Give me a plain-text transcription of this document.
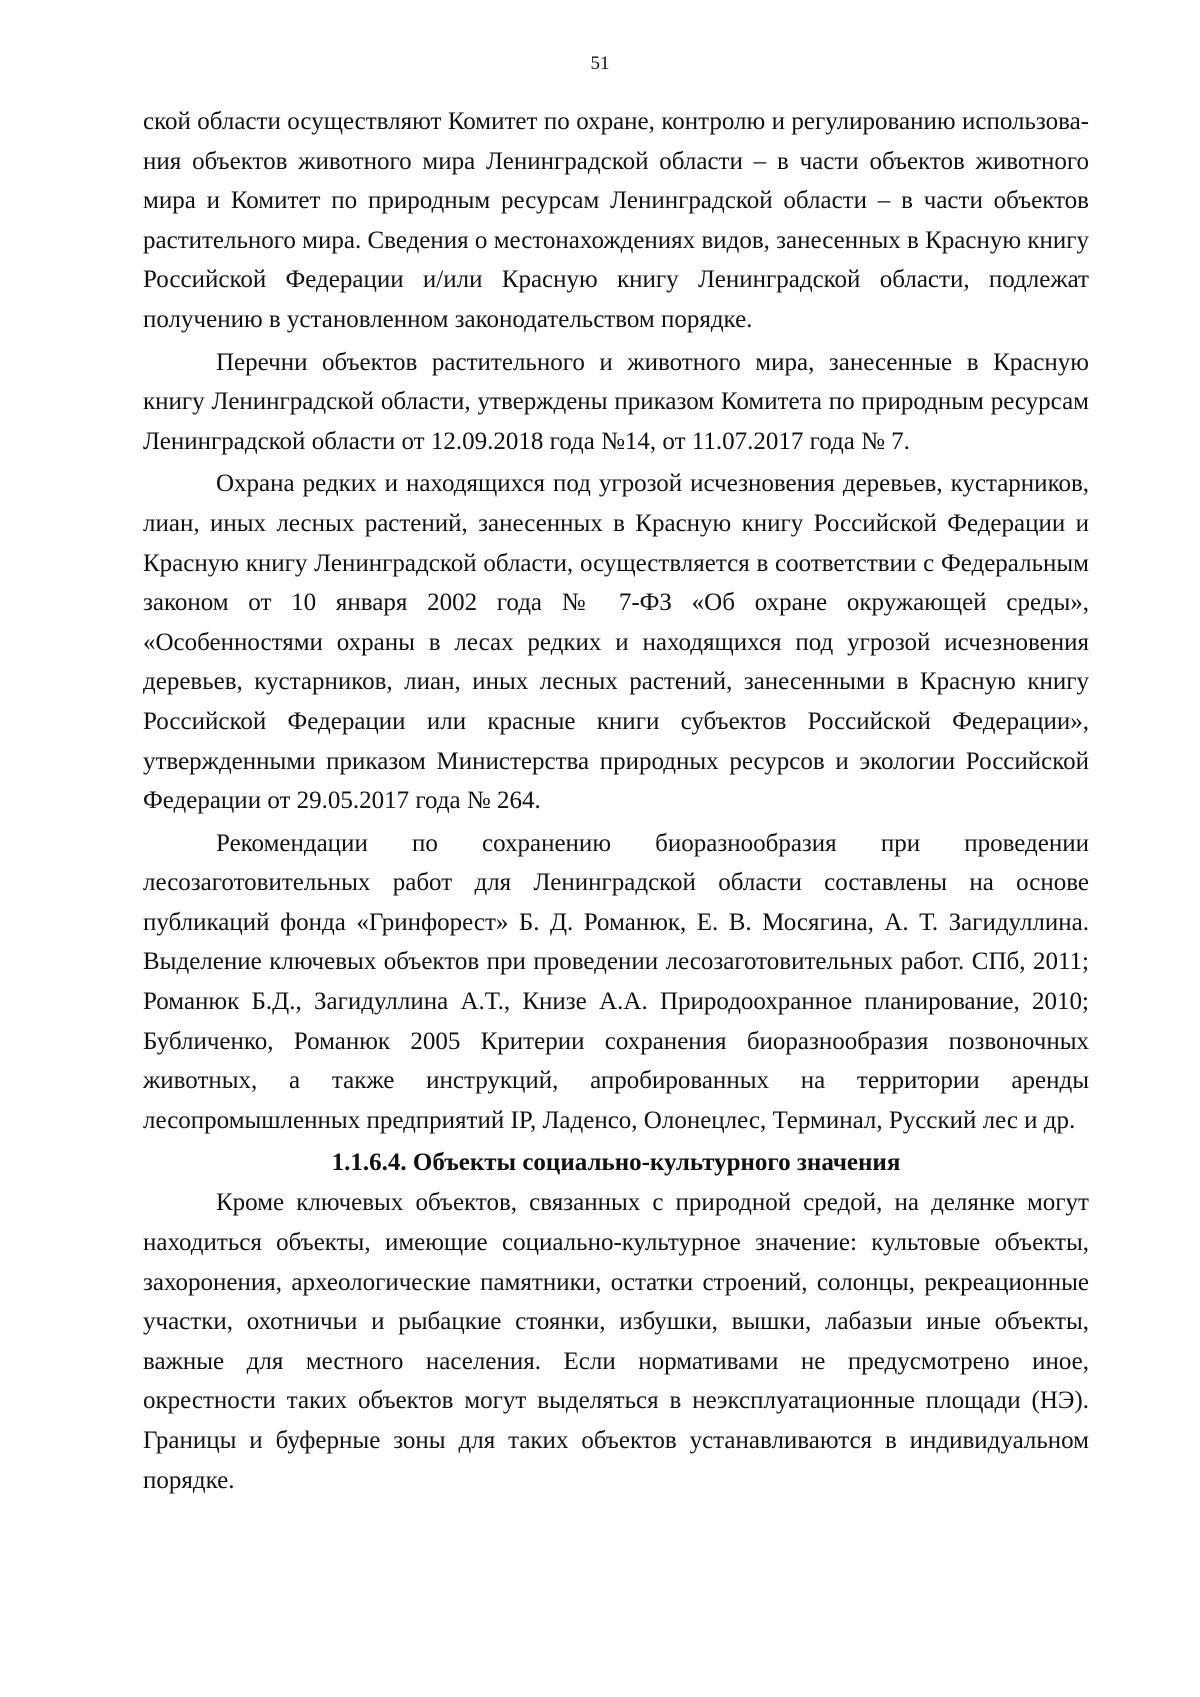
51

ской области осуществляют Комитет по охране, контролю и регулированию использования объектов животного мира Ленинградской области – в части объектов животного мира и Комитет по природным ресурсам Ленинградской области – в части объектов растительного мира. Сведения о местонахождениях видов, занесенных в Красную книгу Российской Федерации и/или Красную книгу Ленинградской области, подлежат получению в установленном законодательством порядке.

Перечни объектов растительного и животного мира, занесенные в Красную книгу Ленинградской области, утверждены приказом Комитета по природным ресурсам Ленинградской области от 12.09.2018 года №14, от 11.07.2017 года № 7.

Охрана редких и находящихся под угрозой исчезновения деревьев, кустарников, лиан, иных лесных растений, занесенных в Красную книгу Российской Федерации и Красную книгу Ленинградской области, осуществляется в соответствии с Федеральным законом от 10 января 2002 года № 7-ФЗ «Об охране окружающей среды», «Особенностями охраны в лесах редких и находящихся под угрозой исчезновения деревьев, кустарников, лиан, иных лесных растений, занесенными в Красную книгу Российской Федерации или красные книги субъектов Российской Федерации», утвержденными приказом Министерства природных ресурсов и экологии Российской Федерации от 29.05.2017 года № 264.

Рекомендации по сохранению биоразнообразия при проведении лесозаготовительных работ для Ленинградской области составлены на основе публикаций фонда «Гринфорест» Б. Д. Романюк, Е. В. Мосягина, А. Т. Загидуллина. Выделение ключевых объектов при проведении лесозаготовительных работ. СПб, 2011; Романюк Б.Д., Загидуллина А.Т., Книзе А.А. Природоохранное планирование, 2010; Бубличенко, Романюк 2005 Критерии сохранения биоразнообразия позвоночных животных, а также инструкций, апробированных на территории аренды лесопромышленных предприятий IP, Ладенсо, Олонецлес, Терминал, Русский лес и др.

1.1.6.4. Объекты социально-культурного значения

Кроме ключевых объектов, связанных с природной средой, на делянке могут находиться объекты, имеющие социально-культурное значение: культовые объекты, захоронения, археологические памятники, остатки строений, солонцы, рекреационные участки, охотничьи и рыбацкие стоянки, избушки, вышки, лабазыи иные объекты, важные для местного населения. Если нормативами не предусмотрено иное, окрестности таких объектов могут выделяться в неэксплуатационные площади (НЭ). Границы и буферные зоны для таких объектов устанавливаются в индивидуальном порядке.
